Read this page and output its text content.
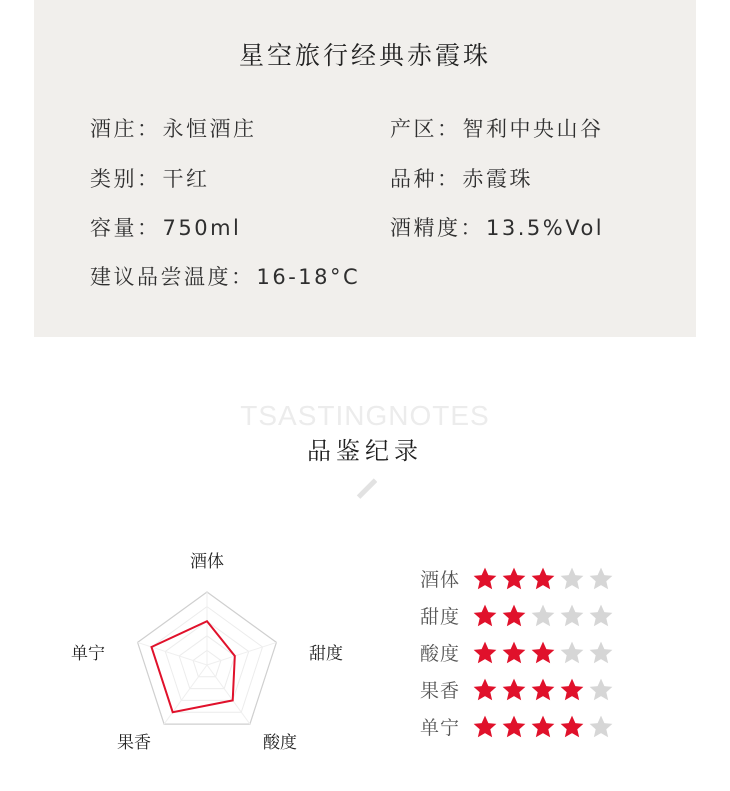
星空旅行经典赤霞珠
酒庄：永恒酒庄	产区：智利中央山谷
类别：干红	品种：赤霞珠
容量：750ml	酒精度：13.5%Vol
建议品尝温度：16-18°C
TSASTINGNOTES
品鉴纪录
酒体
甜度
酸度
果香
单宁
酒体
甜度
酸度
果香
单宁
